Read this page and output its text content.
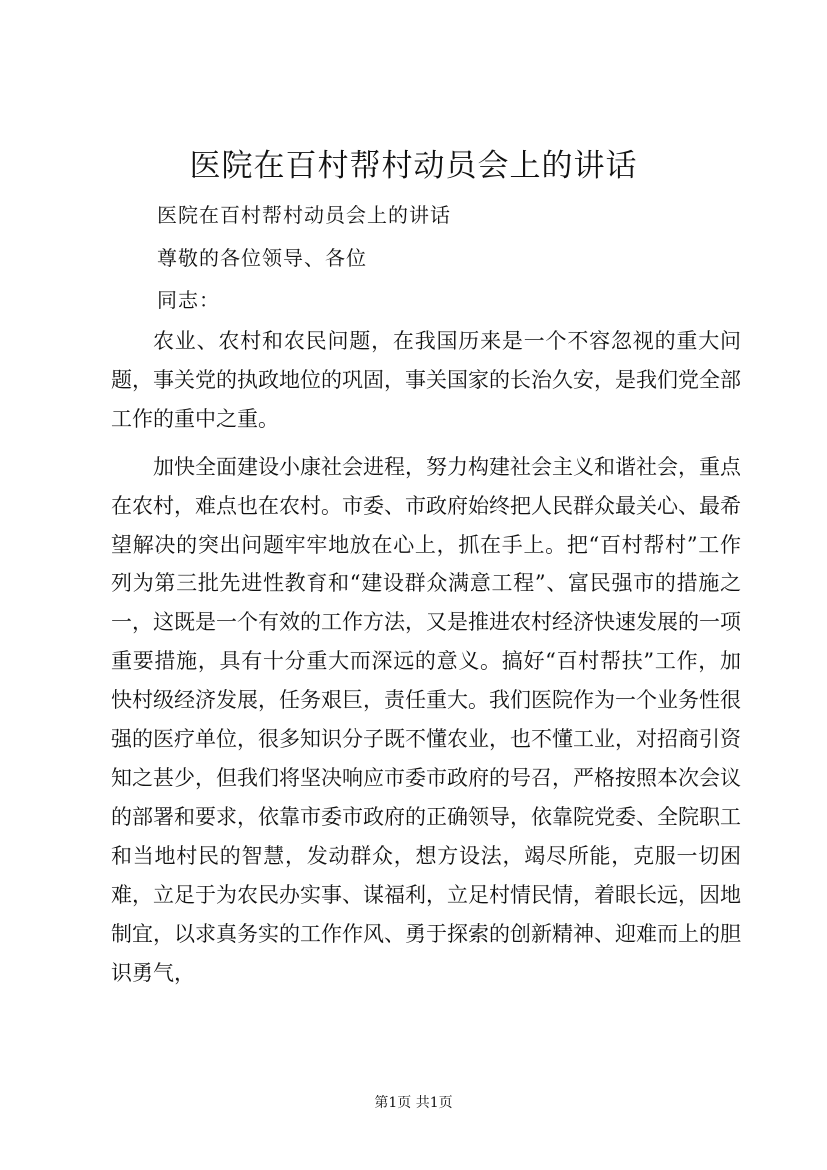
医院在百村帮村动员会上的讲话
医院在百村帮村动员会上的讲话
尊敬的各位领导、各位
同志：

农业、农村和农民问题，在我国历来是一个不容忽视的重大问题，事关党的执政地位的巩固，事关国家的长治久安，是我们党全部工作的重中之重。

加快全面建设小康社会进程，努力构建社会主义和谐社会，重点在农村，难点也在农村。市委、市政府始终把人民群众最关心、最希望解决的突出问题牢牢地放在心上，抓在手上。把“百村帮村”工作列为第三批先进性教育和“建设群众满意工程”、富民强市的措施之一，这既是一个有效的工作方法，又是推进农村经济快速发展的一项重要措施，具有十分重大而深远的意义。搞好“百村帮扶”工作，加快村级经济发展，任务艰巨，责任重大。我们医院作为一个业务性很强的医疗单位，很多知识分子既不懂农业，也不懂工业，对招商引资知之甚少，但我们将坚决响应市委市政府的号召，严格按照本次会议的部署和要求，依靠市委市政府的正确领导，依靠院党委、全院职工和当地村民的智慧，发动群众，想方设法，竭尽所能，克服一切困难，立足于为农民办实事、谋福利，立足村情民情，着眼长远，因地制宜，以求真务实的工作作风、勇于探索的创新精神、迎难而上的胆识勇气，

第1页 共1页
